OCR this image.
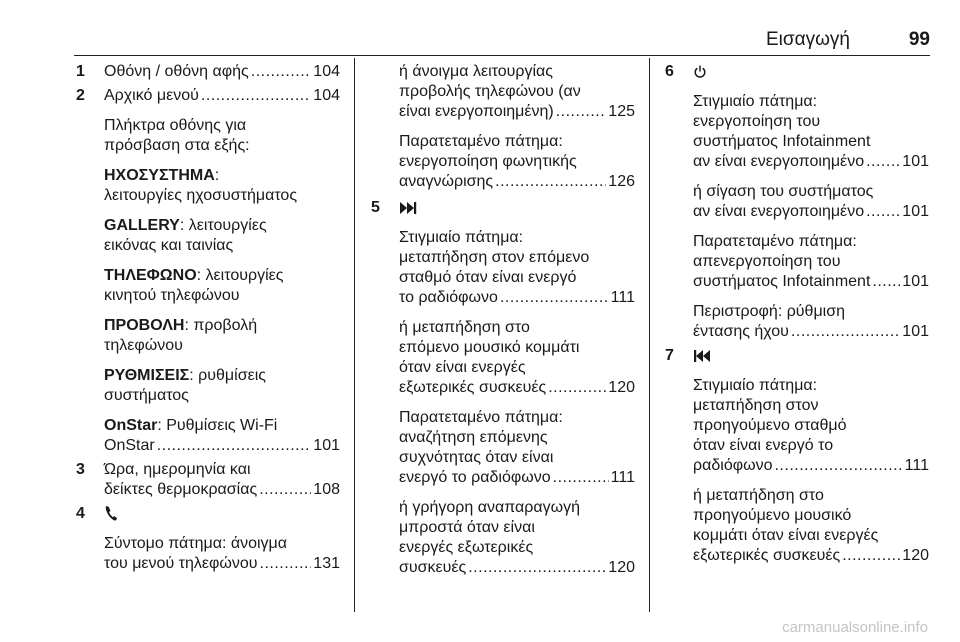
Εισαγωγή	99
1 Οθόνη / οθόνη αφής .....	104
2 Αρχικό μενού .....	104
Πλήκτρα οθόνης για
πρόσβαση στα εξής:
ΗΧΟΣΥΣΤΗΜΑ:
λειτουργίες ηχοσυστήματος
GALLERY: λειτουργίες
εικόνας και ταινίας
ΤΗΛΕΦΩΝΟ: λειτουργίες
κινητού τηλεφώνου
ΠΡΟΒΟΛΗ: προβολή
τηλεφώνου
ΡΥΘΜΙΣΕΙΣ: ρυθμίσεις
συστήματος
OnStar: Ρυθμίσεις Wi-Fi
OnStar .....	101
3 Ώρα, ημερομηνία και
δείκτες θερμοκρασίας .....	108
4
Σύντομο πάτημα: άνοιγμα
του μενού τηλεφώνου .....	131
ή άνοιγμα λειτουργίας
προβολής τηλεφώνου (αν
είναι ενεργοποιημένη) .....	125
Παρατεταμένο πάτημα:
ενεργοποίηση φωνητικής
αναγνώρισης .....	126
5
Στιγμιαίο πάτημα:
μεταπήδηση στον επόμενο
σταθμό όταν είναι ενεργό
το ραδιόφωνο .....	111
ή μεταπήδηση στο
επόμενο μουσικό κομμάτι
όταν είναι ενεργές
εξωτερικές συσκευές .....	120
Παρατεταμένο πάτημα:
αναζήτηση επόμενης
συχνότητας όταν είναι
ενεργό το ραδιόφωνο .....	111
ή γρήγορη αναπαραγωγή
μπροστά όταν είναι
ενεργές εξωτερικές
συσκευές .....	120
6
Στιγμιαίο πάτημα:
ενεργοποίηση του
συστήματος Infotainment
αν είναι ενεργοποιημένο ..... 101
ή σίγαση του συστήματος
αν είναι ενεργοποιημένο ..... 101
Παρατεταμένο πάτημα:
απενεργοποίηση του
συστήματος Infotainment ..... 101
Περιστροφή: ρύθμιση
έντασης ήχου .....	101
7
Στιγμιαίο πάτημα:
μεταπήδηση στον
προηγούμενο σταθμό
όταν είναι ενεργό το
ραδιόφωνο .....	111
ή μεταπήδηση στο
προηγούμενο μουσικό
κομμάτι όταν είναι ενεργές
εξωτερικές συσκευές .....	120
carmanualsonline.info
